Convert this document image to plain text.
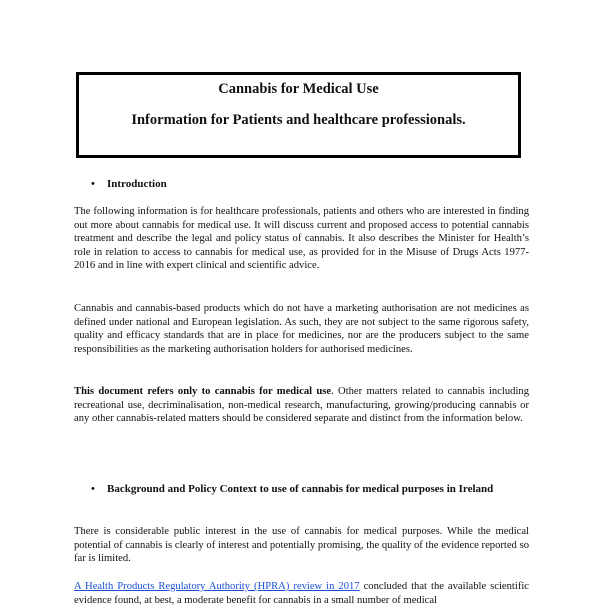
Cannabis for Medical Use
Information for Patients and healthcare professionals.
• Introduction
The following information is for healthcare professionals, patients and others who are interested in finding out more about cannabis for medical use. It will discuss current and proposed access to potential cannabis treatment and describe the legal and policy status of cannabis. It also describes the Minister for Health’s role in relation to access to cannabis for medical use, as provided for in the Misuse of Drugs Acts 1977-2016 and in line with expert clinical and scientific advice.
Cannabis and cannabis-based products which do not have a marketing authorisation are not medicines as defined under national and European legislation. As such, they are not subject to the same rigorous safety, quality and efficacy standards that are in place for medicines, nor are the producers subject to the same responsibilities as the marketing authorisation holders for authorised medicines.
This document refers only to cannabis for medical use. Other matters related to cannabis including recreational use, decriminalisation, non-medical research, manufacturing, growing/producing cannabis or any other cannabis-related matters should be considered separate and distinct from the information below.
• Background and Policy Context to use of cannabis for medical purposes in Ireland
There is considerable public interest in the use of cannabis for medical purposes. While the medical potential of cannabis is clearly of interest and potentially promising, the quality of the evidence reported so far is limited.
A Health Products Regulatory Authority (HPRA) review in 2017 concluded that the available scientific evidence found, at best, a moderate benefit for cannabis in a small number of medical
